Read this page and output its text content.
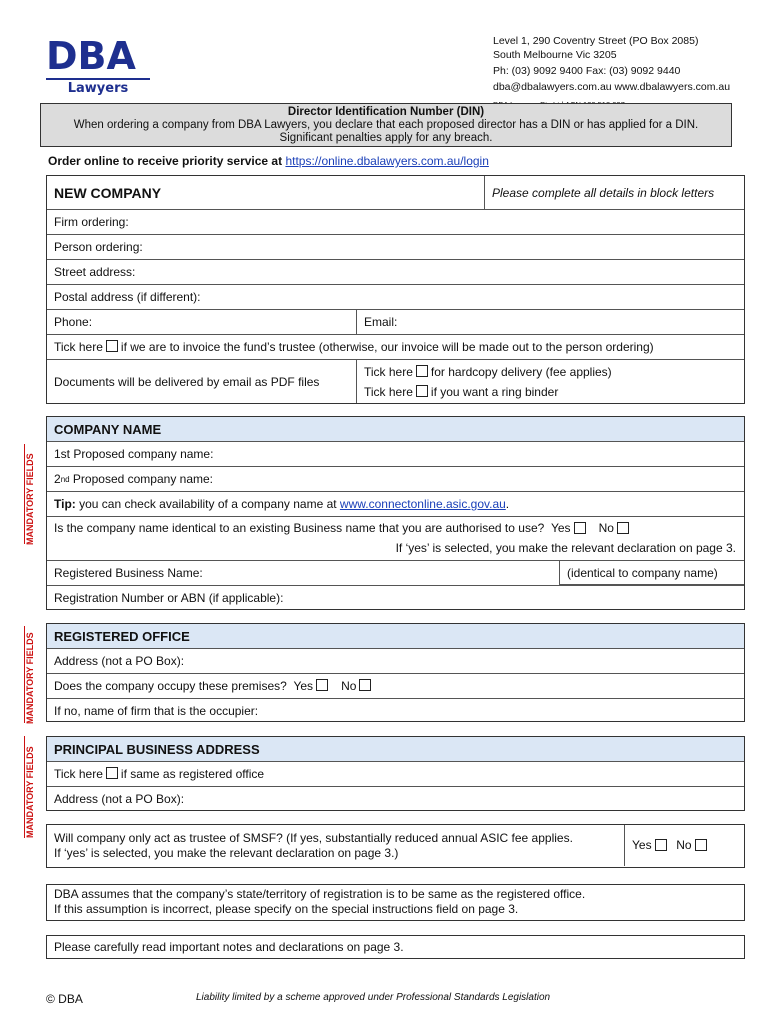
DBA
Lawyers
Level 1, 290 Coventry Street (PO Box 2085)
South Melbourne Vic 3205
Ph: (03) 9092 9400 Fax: (03) 9092 9440
dba@dbalawyers.com.au www.dbalawyers.com.au
Director Identification Number (DIN)
When ordering a company from DBA Lawyers, you declare that each proposed director has a DIN or has applied for a DIN.
Significant penalties apply for any breach.
Order online to receive priority service at https://online.dbalawyers.com.au/login
NEW COMPANY	Please complete all details in block letters
Firm ordering:
Person ordering:
Street address:
Postal address (if different):
Phone:	Email:
Tick here if we are to invoice the fund’s trustee (otherwise, our invoice will be made out to the person ordering)
Documents will be delivered by email as PDF files
Tick here for hardcopy delivery (fee applies)
Tick here if you want a ring binder
COMPANY NAME
1st Proposed company name:
2 nd Proposed company name:
Tip: you can check availability of a company name at www.connectonline.asic.gov.au .
Is the company name identical to an existing Business name that you are authorised to use? Yes No
If ‘yes’ is selected, you make the relevant declaration on page 3.
Registered Business Name:	(identical to company name)
Registration Number or ABN (if applicable):
REGISTERED OFFICE
Address (not a PO Box):
Does the company occupy these premises?
Yes
No
If no, name of firm that is the occupier:
PRINCIPAL BUSINESS ADDRESS
Tick here if same as registered office
Address (not a PO Box):
Will company only act as trustee of SMSF? (If yes, substantially reduced annual ASIC fee applies.
If ‘yes’ is selected, you make the relevant declaration on page 3.)
Yes
No
DBA assumes that the company’s state/territory of registration is to be same as the registered office.
If this assumption is incorrect, please specify on the special instructions field on page 3.
Please carefully read important notes and declarations on page 3.
MANDATORY FIELDS
MANDATORY FIELDS
MANDATORY FIELDS
© DBA	Liability limited by a scheme approved under Professional Standards Legislation
